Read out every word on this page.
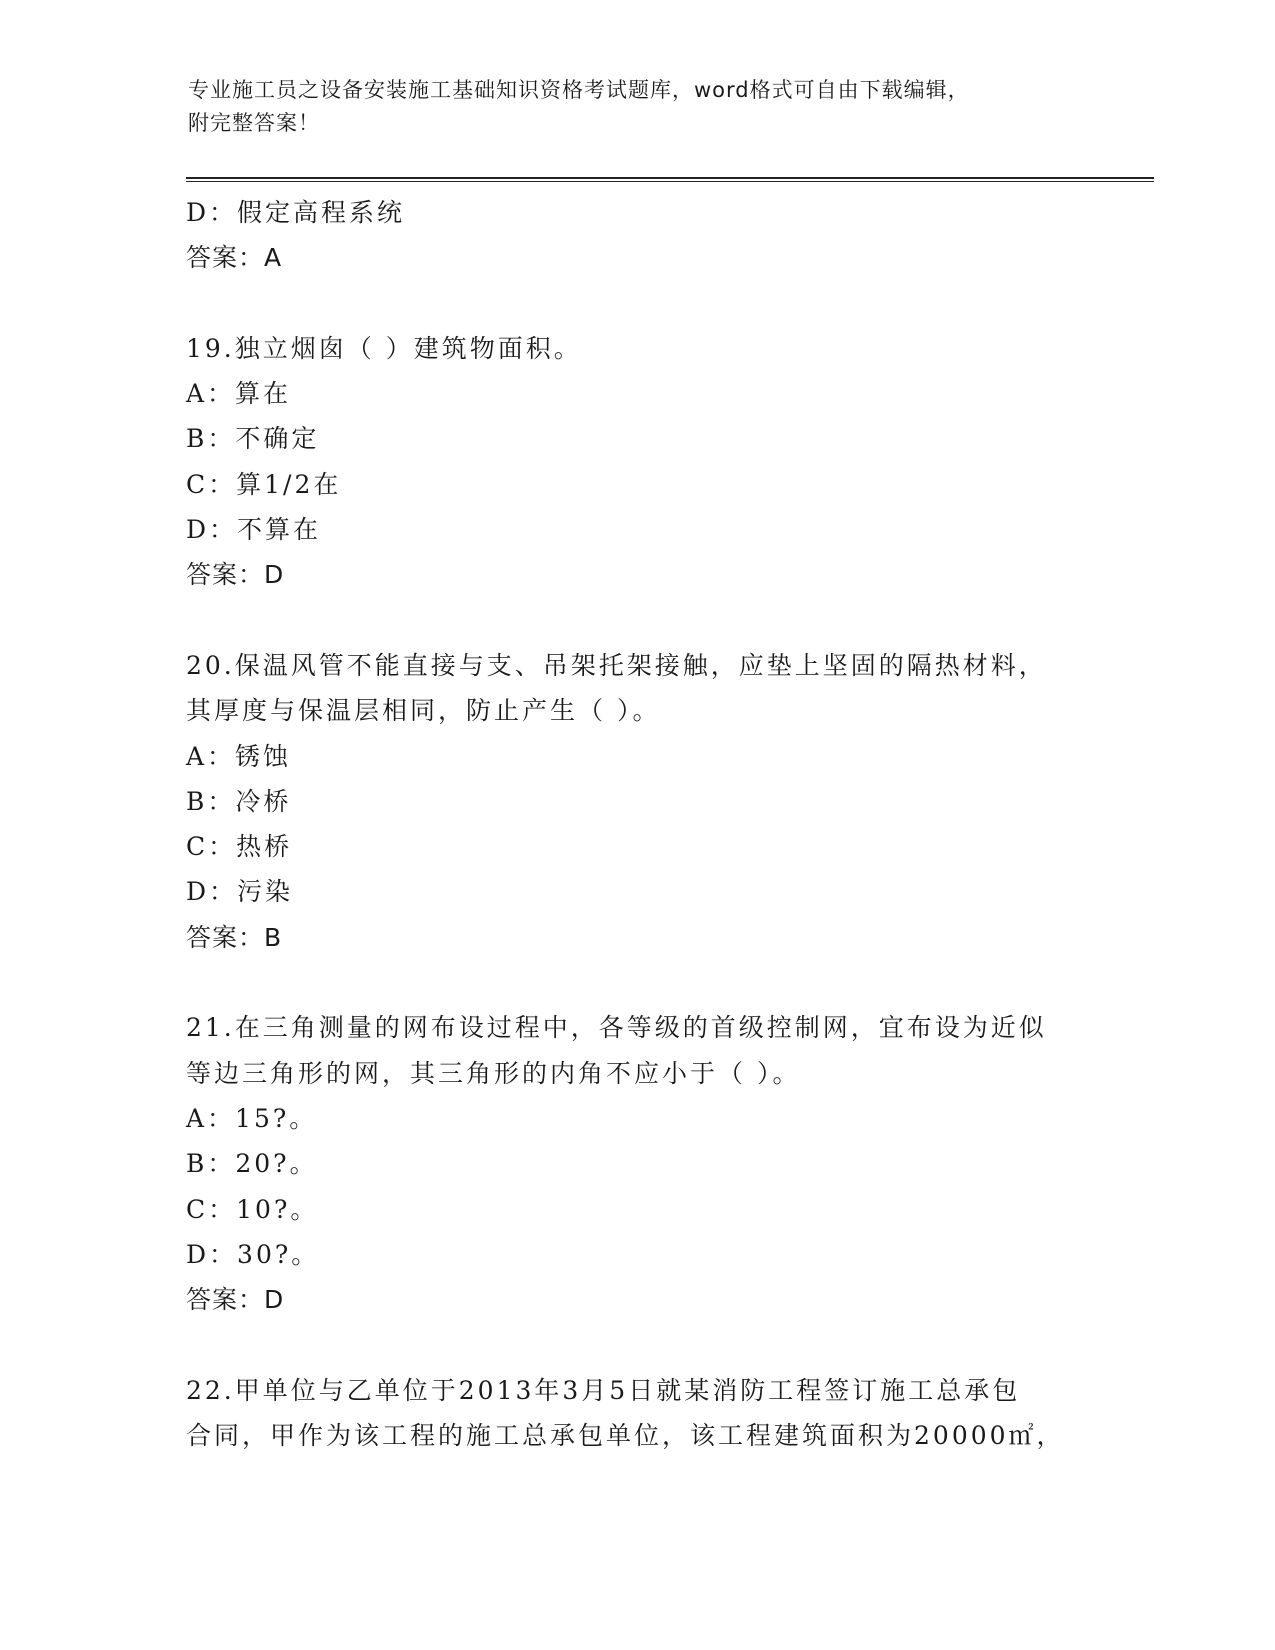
专业施工员之设备安装施工基础知识资格考试题库，word格式可自由下载编辑，
附完整答案！
D：假定高程系统
答案：A
19.独立烟囱（ ）建筑物面积。
A：算在
B：不确定
C：算1/2在
D：不算在
答案：D
20.保温风管不能直接与支、吊架托架接触，应垫上坚固的隔热材料，
其厚度与保温层相同，防止产生（ ）。
A：锈蚀
B：冷桥
C：热桥
D：污染
答案：B
21.在三角测量的网布设过程中，各等级的首级控制网，宜布设为近似
等边三角形的网，其三角形的内角不应小于（ ）。
A：15?。
B：20?。
C：10?。
D：30?。
答案：D
22.甲单位与乙单位于2013年3月5日就某消防工程签订施工总承包
合同，甲作为该工程的施工总承包单位，该工程建筑面积为20000㎡，
